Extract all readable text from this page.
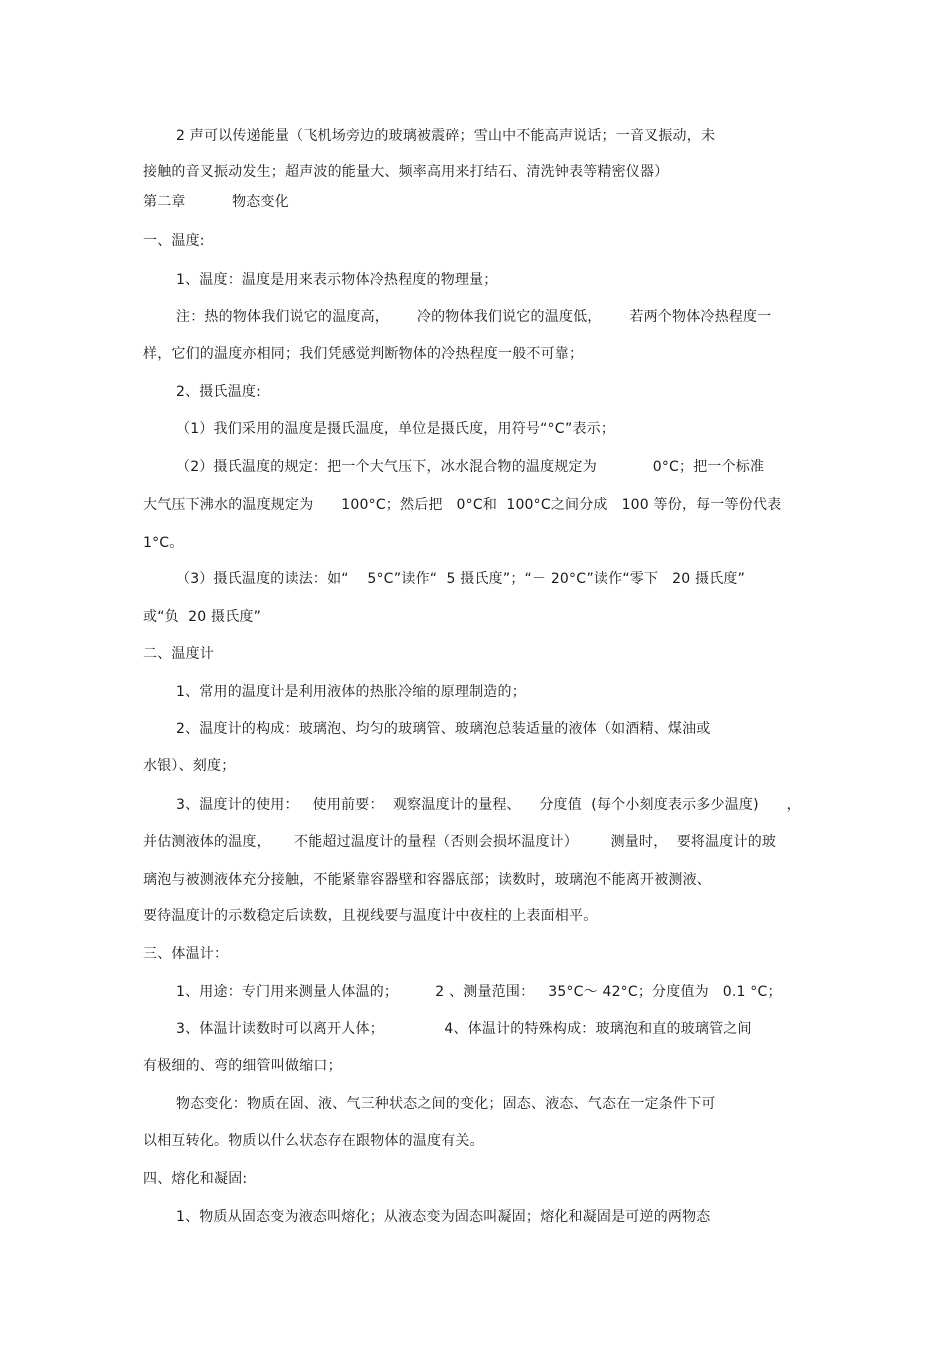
2 声可以传递能量（飞机场旁边的玻璃被震碎；雪山中不能高声说话；一音叉振动，未
接触的音叉振动发生；超声波的能量大、频率高用来打结石、清洗钟表等精密仪器）
第二章          物态变化
一、温度:
1、温度：温度是用来表示物体冷热程度的物理量；
注：热的物体我们说它的温度高，      冷的物体我们说它的温度低，      若两个物体冷热程度一
样，它们的温度亦相同；我们凭感觉判断物体的冷热程度一般不可靠；
2、摄氏温度:
（1）我们采用的温度是摄氏温度，单位是摄氏度，用符号“°C”表示；
（2）摄氏温度的规定：把一个大气压下，冰水混合物的温度规定为            0°C；把一个标准
大气压下沸水的温度规定为      100°C；然后把   0°C和  100°C之间分成   100 等份，每一等份代表
1°C。
（3）摄氏温度的读法：如“    5°C”读作“  5 摄氏度”；“－ 20°C”读作“零下   20 摄氏度”
或“负  20 摄氏度”
二、温度计
1、常用的温度计是利用液体的热胀冷缩的原理制造的；
2、温度计的构成：玻璃泡、均匀的玻璃管、玻璃泡总装适量的液体（如酒精、煤油或
水银）、刻度；
3、温度计的使用：   使用前要：  观察温度计的量程、    分度值  (每个小刻度表示多少温度)      ，
并估测液体的温度，     不能超过温度计的量程（否则会损坏温度计）       测量时，  要将温度计的玻
璃泡与被测液体充分接触，不能紧靠容器壁和容器底部；读数时，玻璃泡不能离开被测液、
要待温度计的示数稳定后读数，且视线要与温度计中夜柱的上表面相平。
三、体温计：
1、用途：专门用来测量人体温的；        2 、测量范围：   35°C～ 42°C；分度值为   0.1 °C；
3、体温计读数时可以离开人体；             4、体温计的特殊构成：玻璃泡和直的玻璃管之间
有极细的、弯的细管叫做缩口；
物态变化：物质在固、液、气三种状态之间的变化；固态、液态、气态在一定条件下可
以相互转化。物质以什么状态存在跟物体的温度有关。
四、熔化和凝固:
1、物质从固态变为液态叫熔化；从液态变为固态叫凝固；熔化和凝固是可逆的两物态
